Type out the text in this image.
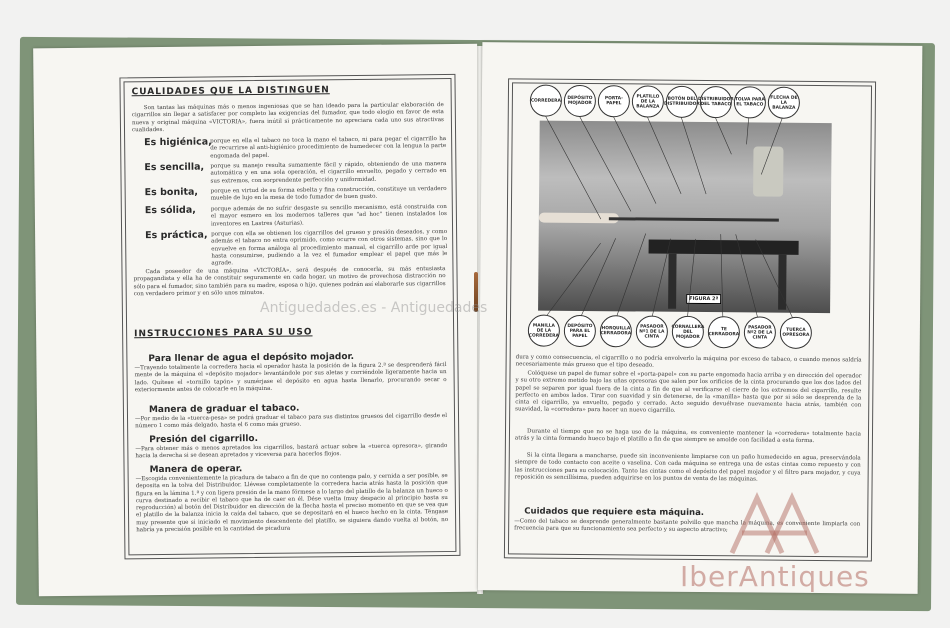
CUALIDADES QUE LA DISTINGUEN
Son tantas las máquinas más o menos ingeniosas que se han ideado para la particular elaboración de cigarrillos sin llegar a satisfacer por completo las exigencias del fumador, que todo elogio en favor de esta nueva y original máquina «VICTORIA», fuera inútil si prácticamente no apreciara cada uno sus atractivas cualidades.
Es higiénica,
porque en ella el tabaco no toca la mano el tabaco, ni para pegar el cigarrillo ha de recurrirse al anti-higiénico procedimiento de humedecer con la lengua la parte engomada del papel.
Es sencilla, porque su manejo resulta sumamente fácil y rápido, obteniendo de una manera automática y en una sola operación, el cigarrillo envuelto, pegado y cerrado en sus extremos, con sorprendente perfección y uniformidad.
Es bonita, porque en virtud de su forma esbelta y fina construcción, constituye un verdadero mueble de lujo en la mesa de todo fumador de buen gusto.
Es sólida,	porque además de no sufrir desgaste su sencillo mecanismo, está construida con el mayor esmero en los modernos talleres que "ad hoc" tienen instalados los inventores en Lastres (Asturias).
Es práctica, porque con ella se obtienen los cigarrillos del grueso y presión deseados, y como además el tabaco no entra oprimido, como ocurre con otros sistemas, sino que lo envuelve en forma análoga al procedimiento manual, el cigarrillo arde por igual hasta consumirse, pudiendo a la vez el fumador emplear el papel que más le agrade.
Cada poseedor de una máquina «VICTORIA», será después de conocerla, su más entusiasta propagandista y ella ha de constituir seguramente en cada hogar, un motivo de provechosa distracción no sólo para el fumador, sino también para su madre, esposa o hijo, quienes podrán así elaborarle sus cigarrillos con verdadero primor y en sólo unos minutos.
INSTRUCCIONES PARA SU USO
Para llenar de agua el depósito mojador.
—Trayendo totalmente la corredera hacia el operador hasta la posición de la figura 2.ª se desprenderá fácil mente de la máquina el «depósito mojador» levantándole por sus aletas y corriéndole ligeramente hacia un lado. Quítese el «tornillo tapón» y sumérjase el depósito en agua hasta llenarlo, procurando secar o exteriormente antes de colocarle en la máquina.
Manera de graduar el tabaco.
—Por medio de la «tuerca-pesa» se podrá graduar el tabaco para sus distintos gruesos del cigarrillo desde el número 1 como más delgado, hasta el 6 como más grueso.
Presión del cigarrillo.
—Para obtener más o menos apretados los cigarrillos, bastará actuar sobre la «tuerca opresora», girando hacia la derecha si se desean apretados y viceversa para hacerlos flojos.
Manera de operar.
—Escogida convenientemente la picadura de tabaco a fin de que no contenga palo, y cernida a ser posible, se deposita en la tolva del Distribuidor. Llévese completamente la corredera hacia atrás hasta la posición que figura en la lámina 1.ª y con ligera presión de la mano fórmese a lo largo del platillo de la balanza un hueco o curva destinado a recibir el tabaco que ha de caer en él. Dése vuelta (muy despacio al principio hasta su reproducción) al botón del Distribuidor en dirección de la flecha hasta el preciso momento en que se vea que el platillo de la balanza inicia la caída del tabaco, que se depositará en el hueco hecho en la cinta. Téngase muy presente que si iniciado el movimiento descendente del platillo, se siguiera dando vuelta al botón, no habría ya precisión posible en la cantidad de picadura
FIGURA 2ª
CORREDERA	DEPÓSITO MOJADOR
PORTA-PAPEL
PLATILLO DE LA BALANZA
BOTÓN DEL DISTRIBUIDOR
DISTRIBUIDOR DEL TABACO
TOLVA PARA EL TABACO
FLECHA DE LA BALANZA
MANILLA DE LA CORREDERA
DEPÓSITO PARA EL PAPEL
HORQUILLA CERRADORA
PASADOR Nº1 DE LA CINTA
CORNALLERA DEL MOJADOR
TE CERRADORA
PASADOR Nº2 DE LA CINTA
TUERCA OPRESORA
dura y como consecuencia, el cigarrillo o no podría envolverlo la máquina por exceso de tabaco, o cuando menos saldría necesariamente más grueso que el tipo deseado.
Colóquese un papel de fumar sobre el «porta-papel» con su parte engomada hacia arriba y en dirección del operador y su otro extremo metido bajo las uñas opresoras que salen por los orificios de la cinta procurando que los dos lados del papel se separen por igual fuera de la cinta a fin de que al verificarse el cierre de los extremos del cigarrillo, resulte perfecto en ambos lados. Tirar con suavidad y sin detenerse, de la «manilla» hasta que por si sólo se desprenda de la cinta el cigarrillo, ya envuelto, pegado y cerrado. Acto seguido devuélvase nuevamente hacia atrás, también con suavidad, la «corredera» para hacer un nuevo cigarrillo.
Durante el tiempo que no se haga uso de la máquina, es conveniente mantener la «corredera» totalmente hacia atrás y la cinta formando hueco bajo el platillo a fin de que siempre se amolde con facilidad a esta forma.
Si la cinta llegara a mancharse, puede sin inconveniente limpiarse con un paño humedecido en agua, preservándola siempre de todo contacto con aceite o vaselina. Con cada máquina se entrega una de estas cintas como repuesto y con las instrucciones para su colocación. Tanto las cintas como el depósito del papel mojador y el filtro para mojador, y cuya reposición es sencillísima, pueden adquirirse en los puntos de venta de las máquinas.
Cuidados que requiere esta máquina.
—Como del tabaco se desprende generalmente bastante polvillo que mancha la máquina, es conveniente limpiarla con frecuencia para que su funcionamiento sea perfecto y su aspecto atractivo;
Antiguedades.es - Antiguedades
IberAntiques
